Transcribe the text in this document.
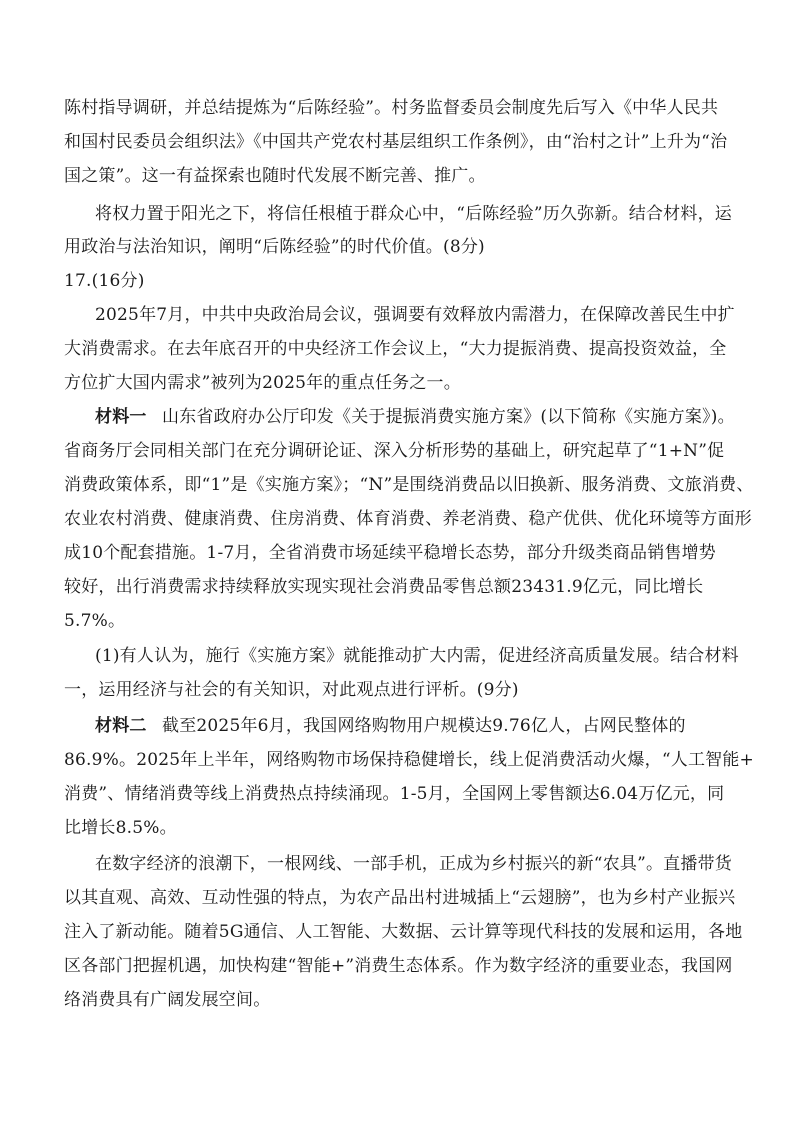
陈村指导调研，并总结提炼为“后陈经验”。村务监督委员会制度先后写入《中华人民共
和国村民委员会组织法》《中国共产党农村基层组织工作条例》，由“治村之计”上升为“治
国之策”。这一有益探索也随时代发展不断完善、推广。
将权力置于阳光之下，将信任根植于群众心中，“后陈经验”历久弥新。结合材料，运
用政治与法治知识，阐明“后陈经验”的时代价值。(8分)
17.(16分)
2025年7月，中共中央政治局会议，强调要有效释放内需潜力，在保障改善民生中扩
大消费需求。在去年底召开的中央经济工作会议上，“大力提振消费、提高投资效益，全
方位扩大国内需求”被列为2025年的重点任务之一。
材料一 山东省政府办公厅印发《关于提振消费实施方案》(以下简称《实施方案》)。
省商务厅会同相关部门在充分调研论证、深入分析形势的基础上，研究起草了“1+N”促
消费政策体系，即“1”是《实施方案》；“N”是围绕消费品以旧换新、服务消费、文旅消费、
农业农村消费、健康消费、住房消费、体育消费、养老消费、稳产优供、优化环境等方面形
成10个配套措施。1-7月，全省消费市场延续平稳增长态势，部分升级类商品销售增势
较好，出行消费需求持续释放实现实现社会消费品零售总额23431.9亿元，同比增长
5.7%。
(1)有人认为，施行《实施方案》就能推动扩大内需，促进经济高质量发展。结合材料
一，运用经济与社会的有关知识，对此观点进行评析。(9分)
材料二 截至2025年6月，我国网络购物用户规模达9.76亿人，占网民整体的
86.9%。2025年上半年，网络购物市场保持稳健增长，线上促消费活动火爆，“人工智能+
消费”、情绪消费等线上消费热点持续涌现。1-5月，全国网上零售额达6.04万亿元，同
比增长8.5%。
在数字经济的浪潮下，一根网线、一部手机，正成为乡村振兴的新“农具”。直播带货
以其直观、高效、互动性强的特点，为农产品出村进城插上“云翅膀”，也为乡村产业振兴
注入了新动能。随着5G通信、人工智能、大数据、云计算等现代科技的发展和运用，各地
区各部门把握机遇，加快构建“智能+”消费生态体系。作为数字经济的重要业态，我国网
络消费具有广阔发展空间。
